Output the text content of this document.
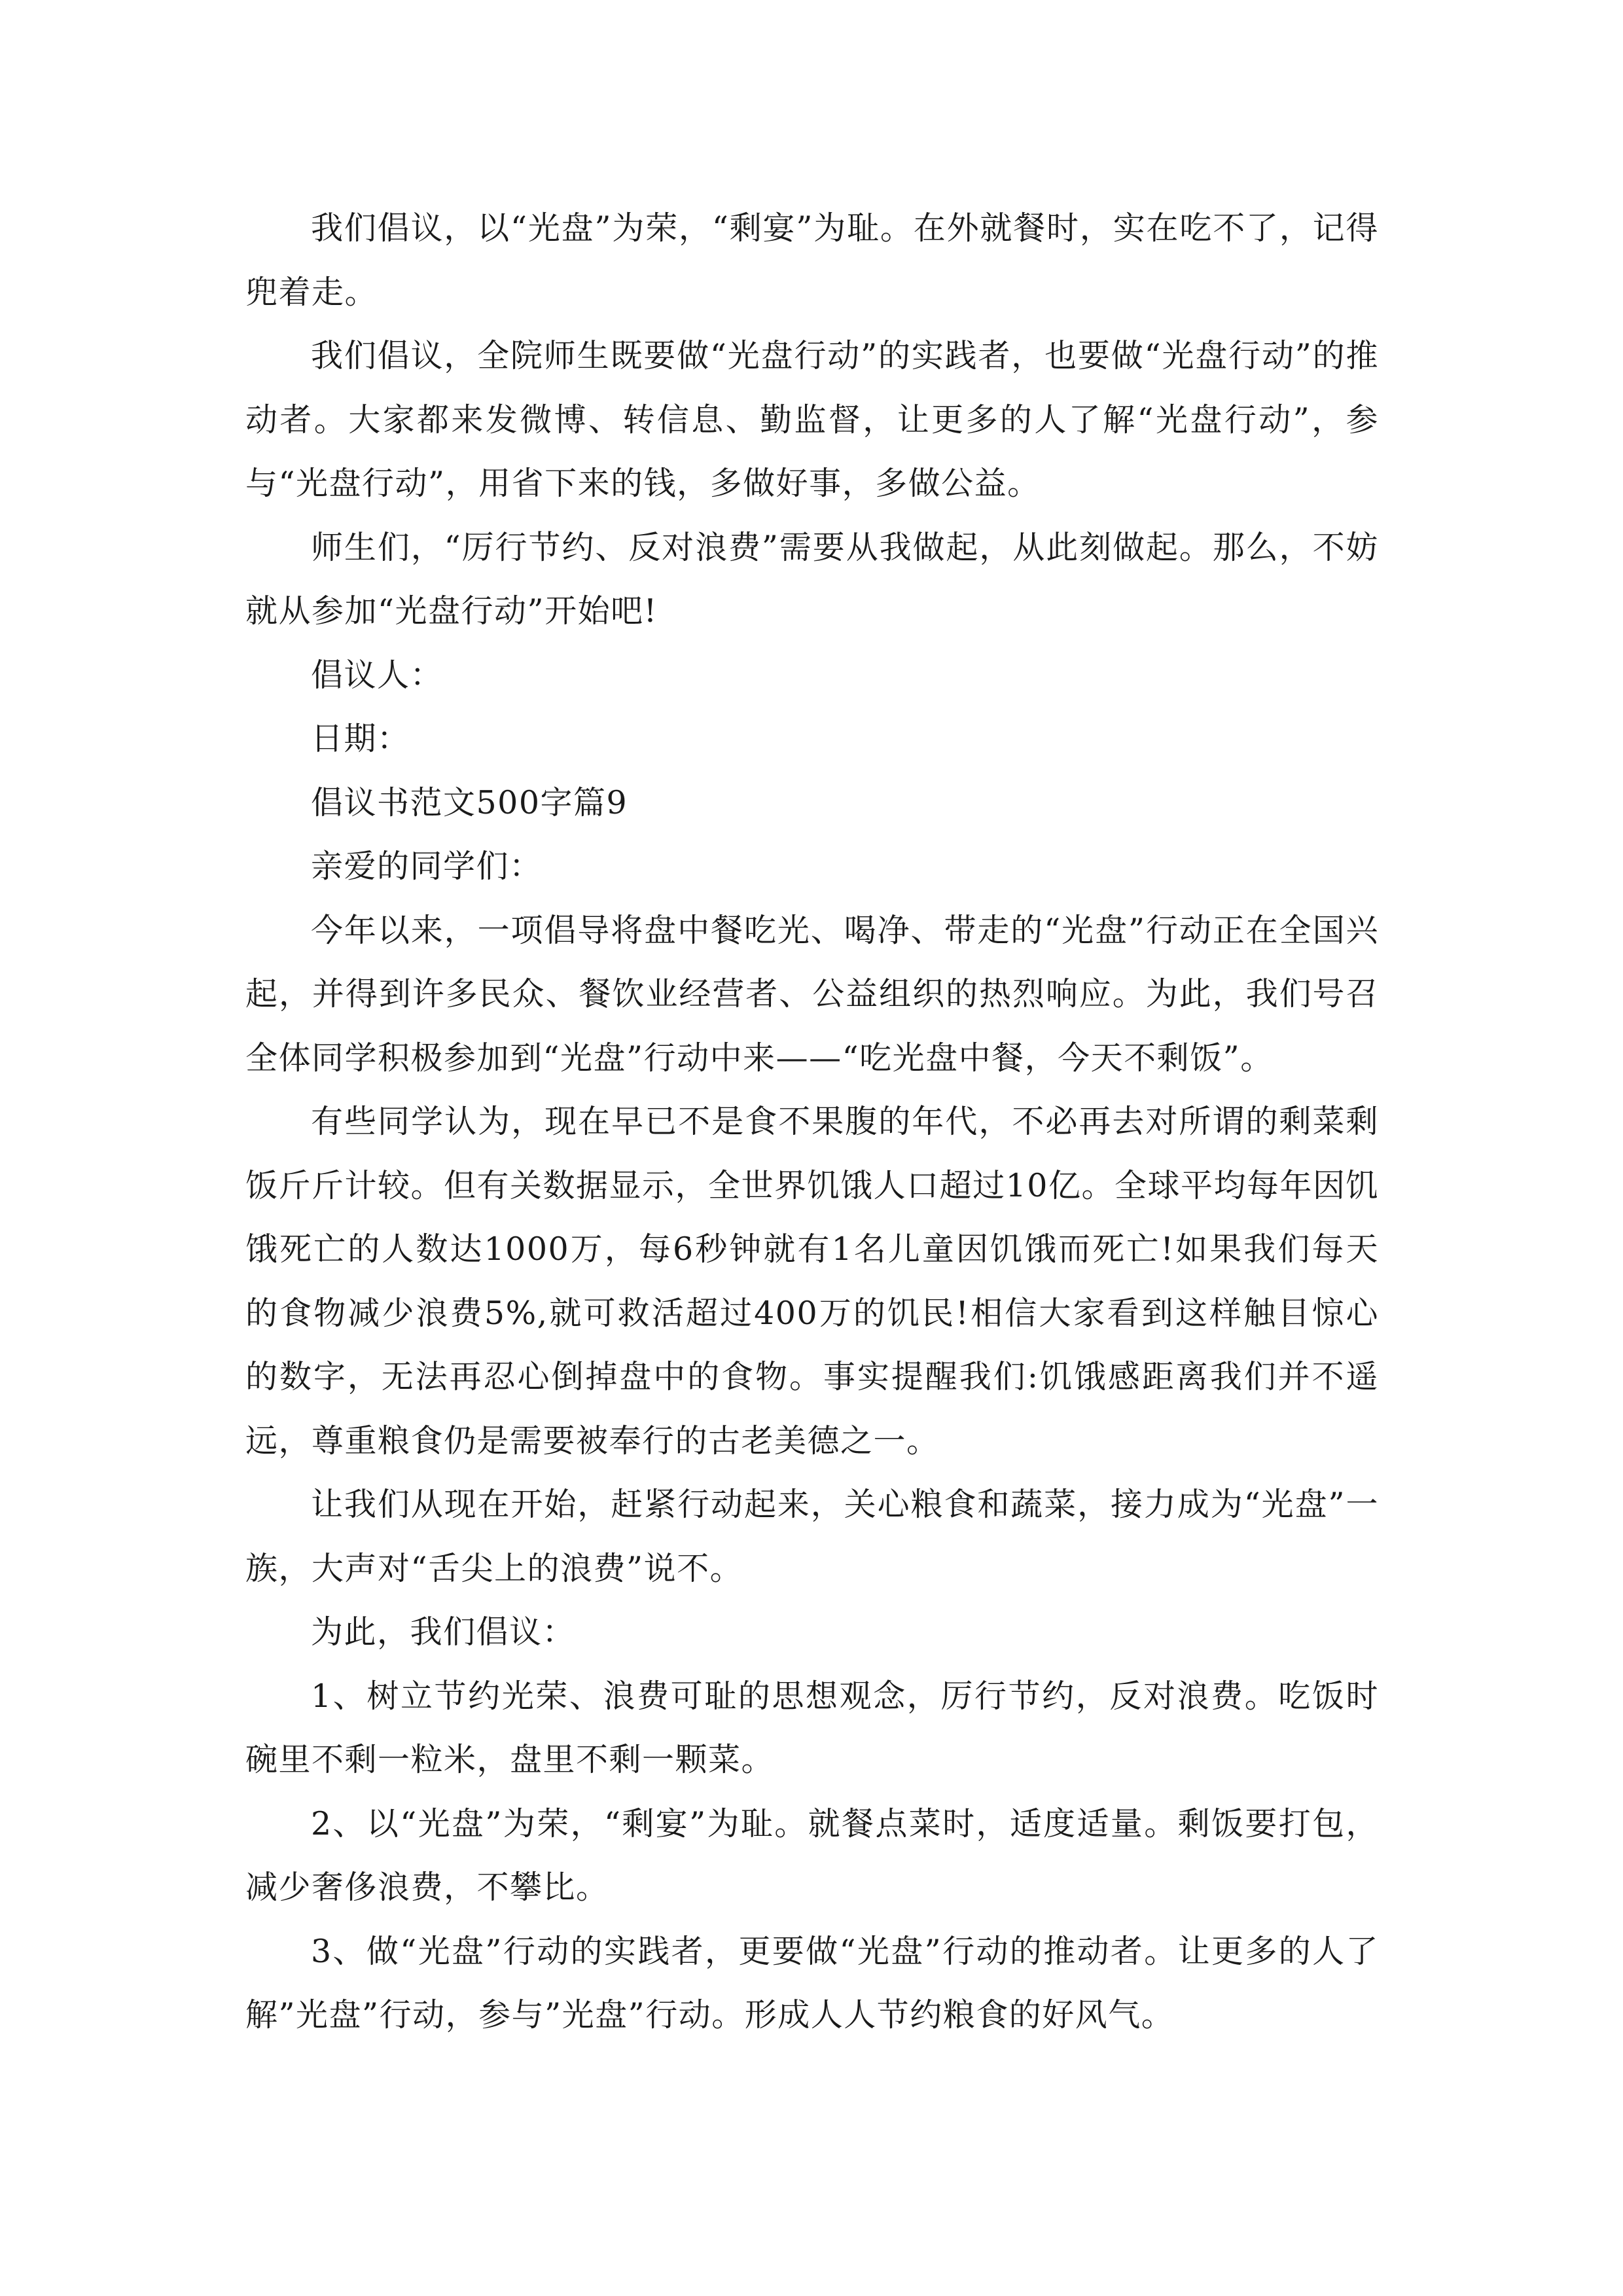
我们倡议，以“光盘”为荣，“剩宴”为耻。在外就餐时，实在吃不了，记得兜着走。

我们倡议，全院师生既要做“光盘行动”的实践者，也要做“光盘行动”的推动者。大家都来发微博、转信息、勤监督，让更多的人了解“光盘行动”，参与“光盘行动”，用省下来的钱，多做好事，多做公益。

师生们，“厉行节约、反对浪费”需要从我做起，从此刻做起。那么，不妨就从参加“光盘行动”开始吧!

倡议人：

日期：

倡议书范文500字篇9

亲爱的同学们：

今年以来，一项倡导将盘中餐吃光、喝净、带走的“光盘”行动正在全国兴起，并得到许多民众、餐饮业经营者、公益组织的热烈响应。为此，我们号召全体同学积极参加到“光盘”行动中来——“吃光盘中餐，今天不剩饭”。

有些同学认为，现在早已不是食不果腹的年代，不必再去对所谓的剩菜剩饭斤斤计较。但有关数据显示，全世界饥饿人口超过10亿。全球平均每年因饥饿死亡的人数达1000万，每6秒钟就有1名儿童因饥饿而死亡!如果我们每天的食物减少浪费5%,就可救活超过400万的饥民!相信大家看到这样触目惊心的数字，无法再忍心倒掉盘中的食物。事实提醒我们:饥饿感距离我们并不遥远，尊重粮食仍是需要被奉行的古老美德之一。

让我们从现在开始，赶紧行动起来，关心粮食和蔬菜，接力成为“光盘”一族，大声对“舌尖上的浪费”说不。

为此，我们倡议：

1、树立节约光荣、浪费可耻的思想观念，厉行节约，反对浪费。吃饭时碗里不剩一粒米，盘里不剩一颗菜。

2、以“光盘”为荣，“剩宴”为耻。就餐点菜时，适度适量。剩饭要打包，减少奢侈浪费，不攀比。

3、做“光盘”行动的实践者，更要做“光盘”行动的推动者。让更多的人了解”光盘”行动，参与”光盘”行动。形成人人节约粮食的好风气。
